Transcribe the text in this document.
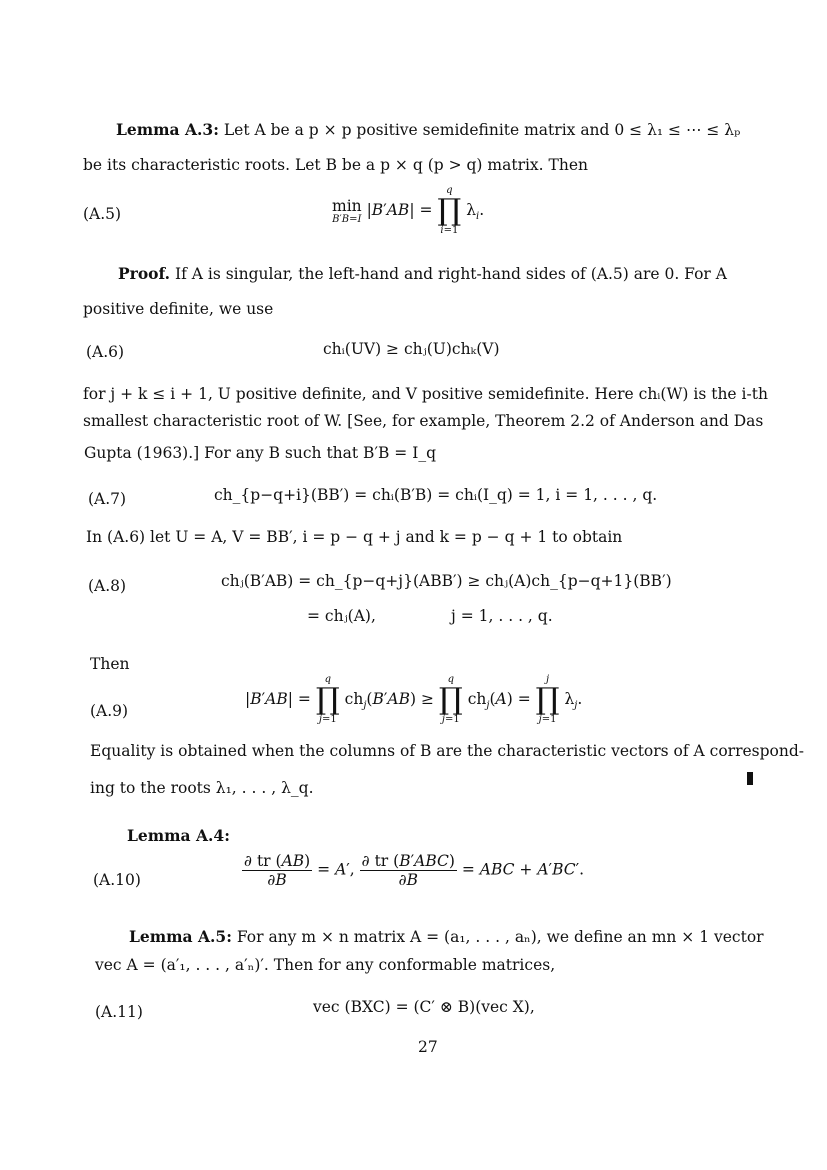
Lemma A.3: Let A be a p × p positive semidefinite matrix and 0 ≤ λ₁ ≤ ⋯ ≤ λₚ
be its characteristic roots. Let B be a p × q (p > q) matrix. Then
(A.5)	min
B′B=I
|B′AB| =
q
∏
i=1
$\lambda_i$.
Proof. If A is singular, the left-hand and right-hand sides of (A.5) are 0. For A
positive definite, we use
(A.6)	chᵢ(UV) ≥ chⱼ(U)chₖ(V)
for j + k ≤ i + 1, U positive definite, and V positive semidefinite. Here chᵢ(W) is the i-th
smallest characteristic root of W. [See, for example, Theorem 2.2 of Anderson and Das
Gupta (1963).] For any B such that B′B = I_q
(A.7)	ch_{p−q+i}(BB′) = chᵢ(B′B) = chᵢ(I_q) = 1, i = 1, . . . , q.
In (A.6) let U = A, V = BB′, i = p − q + j and k = p − q + 1 to obtain
(A.8)	chⱼ(B′AB) = ch_{p−q+j}(ABB′) ≥ chⱼ(A)ch_{p−q+1}(BB′)
= chⱼ(A),	j = 1, . . . , q.
Then
(A.9)
|B′AB| =
q
∏
j=1
$ch_j(B'AB)$ ≥
q
∏
j=1
$ch_j(A)$ =
j
∏
j=1
$\lambda_j$.
Equality is obtained when the columns of B are the characteristic vectors of A correspond-
ing to the roots λ₁, . . . , λ_q.
Lemma A.4:
(A.10)	$\frac{\partial tr (AB)}{\partial B} = A'$, $\frac{\text{∂ tr (B′ABC)}}{\partial B}$ = ABC + A′BC′.
Lemma A.5: For any m × n matrix A = (a₁, . . . , aₙ), we define an mn × 1 vector
vec A = (a′₁, . . . , a′ₙ)′. Then for any conformable matrices,
(A.11)	vec (BXC) = (C′ ⊗ B)(vec X),
27
